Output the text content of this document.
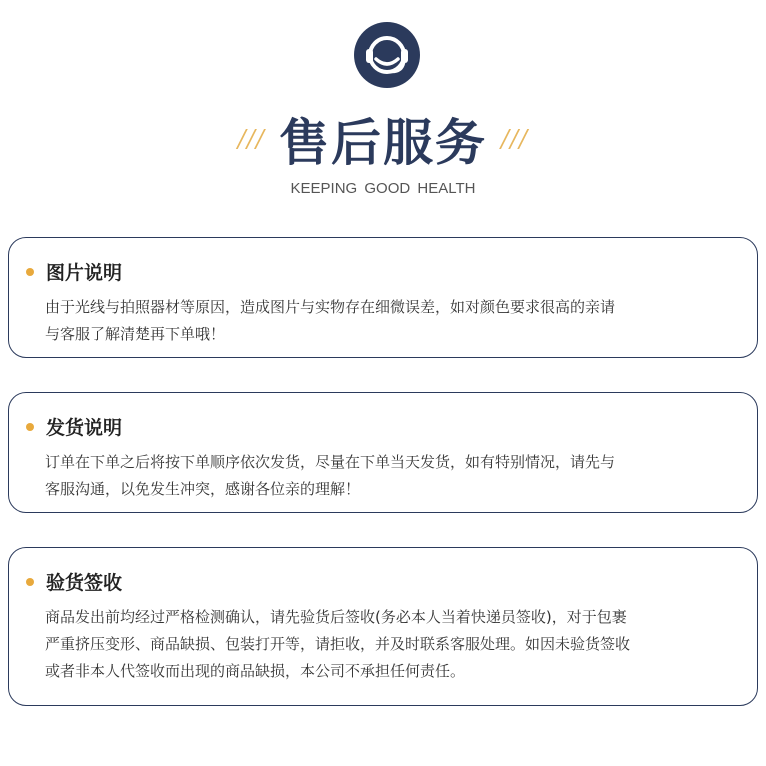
/// 售后服务 ///
KEEPING GOOD HEALTH
图片说明
由于光线与拍照器材等原因，造成图片与实物存在细微误差，如对颜色要求很高的亲请
与客服了解清楚再下单哦！
发货说明
订单在下单之后将按下单顺序依次发货，尽量在下单当天发货，如有特别情况，请先与
客服沟通，以免发生冲突，感谢各位亲的理解！
验货签收
商品发出前均经过严格检测确认，请先验货后签收(务必本人当着快递员签收)，对于包裹
严重挤压变形、商品缺损、包装打开等，请拒收，并及时联系客服处理。如因未验货签收
或者非本人代签收而出现的商品缺损，本公司不承担任何责任。
